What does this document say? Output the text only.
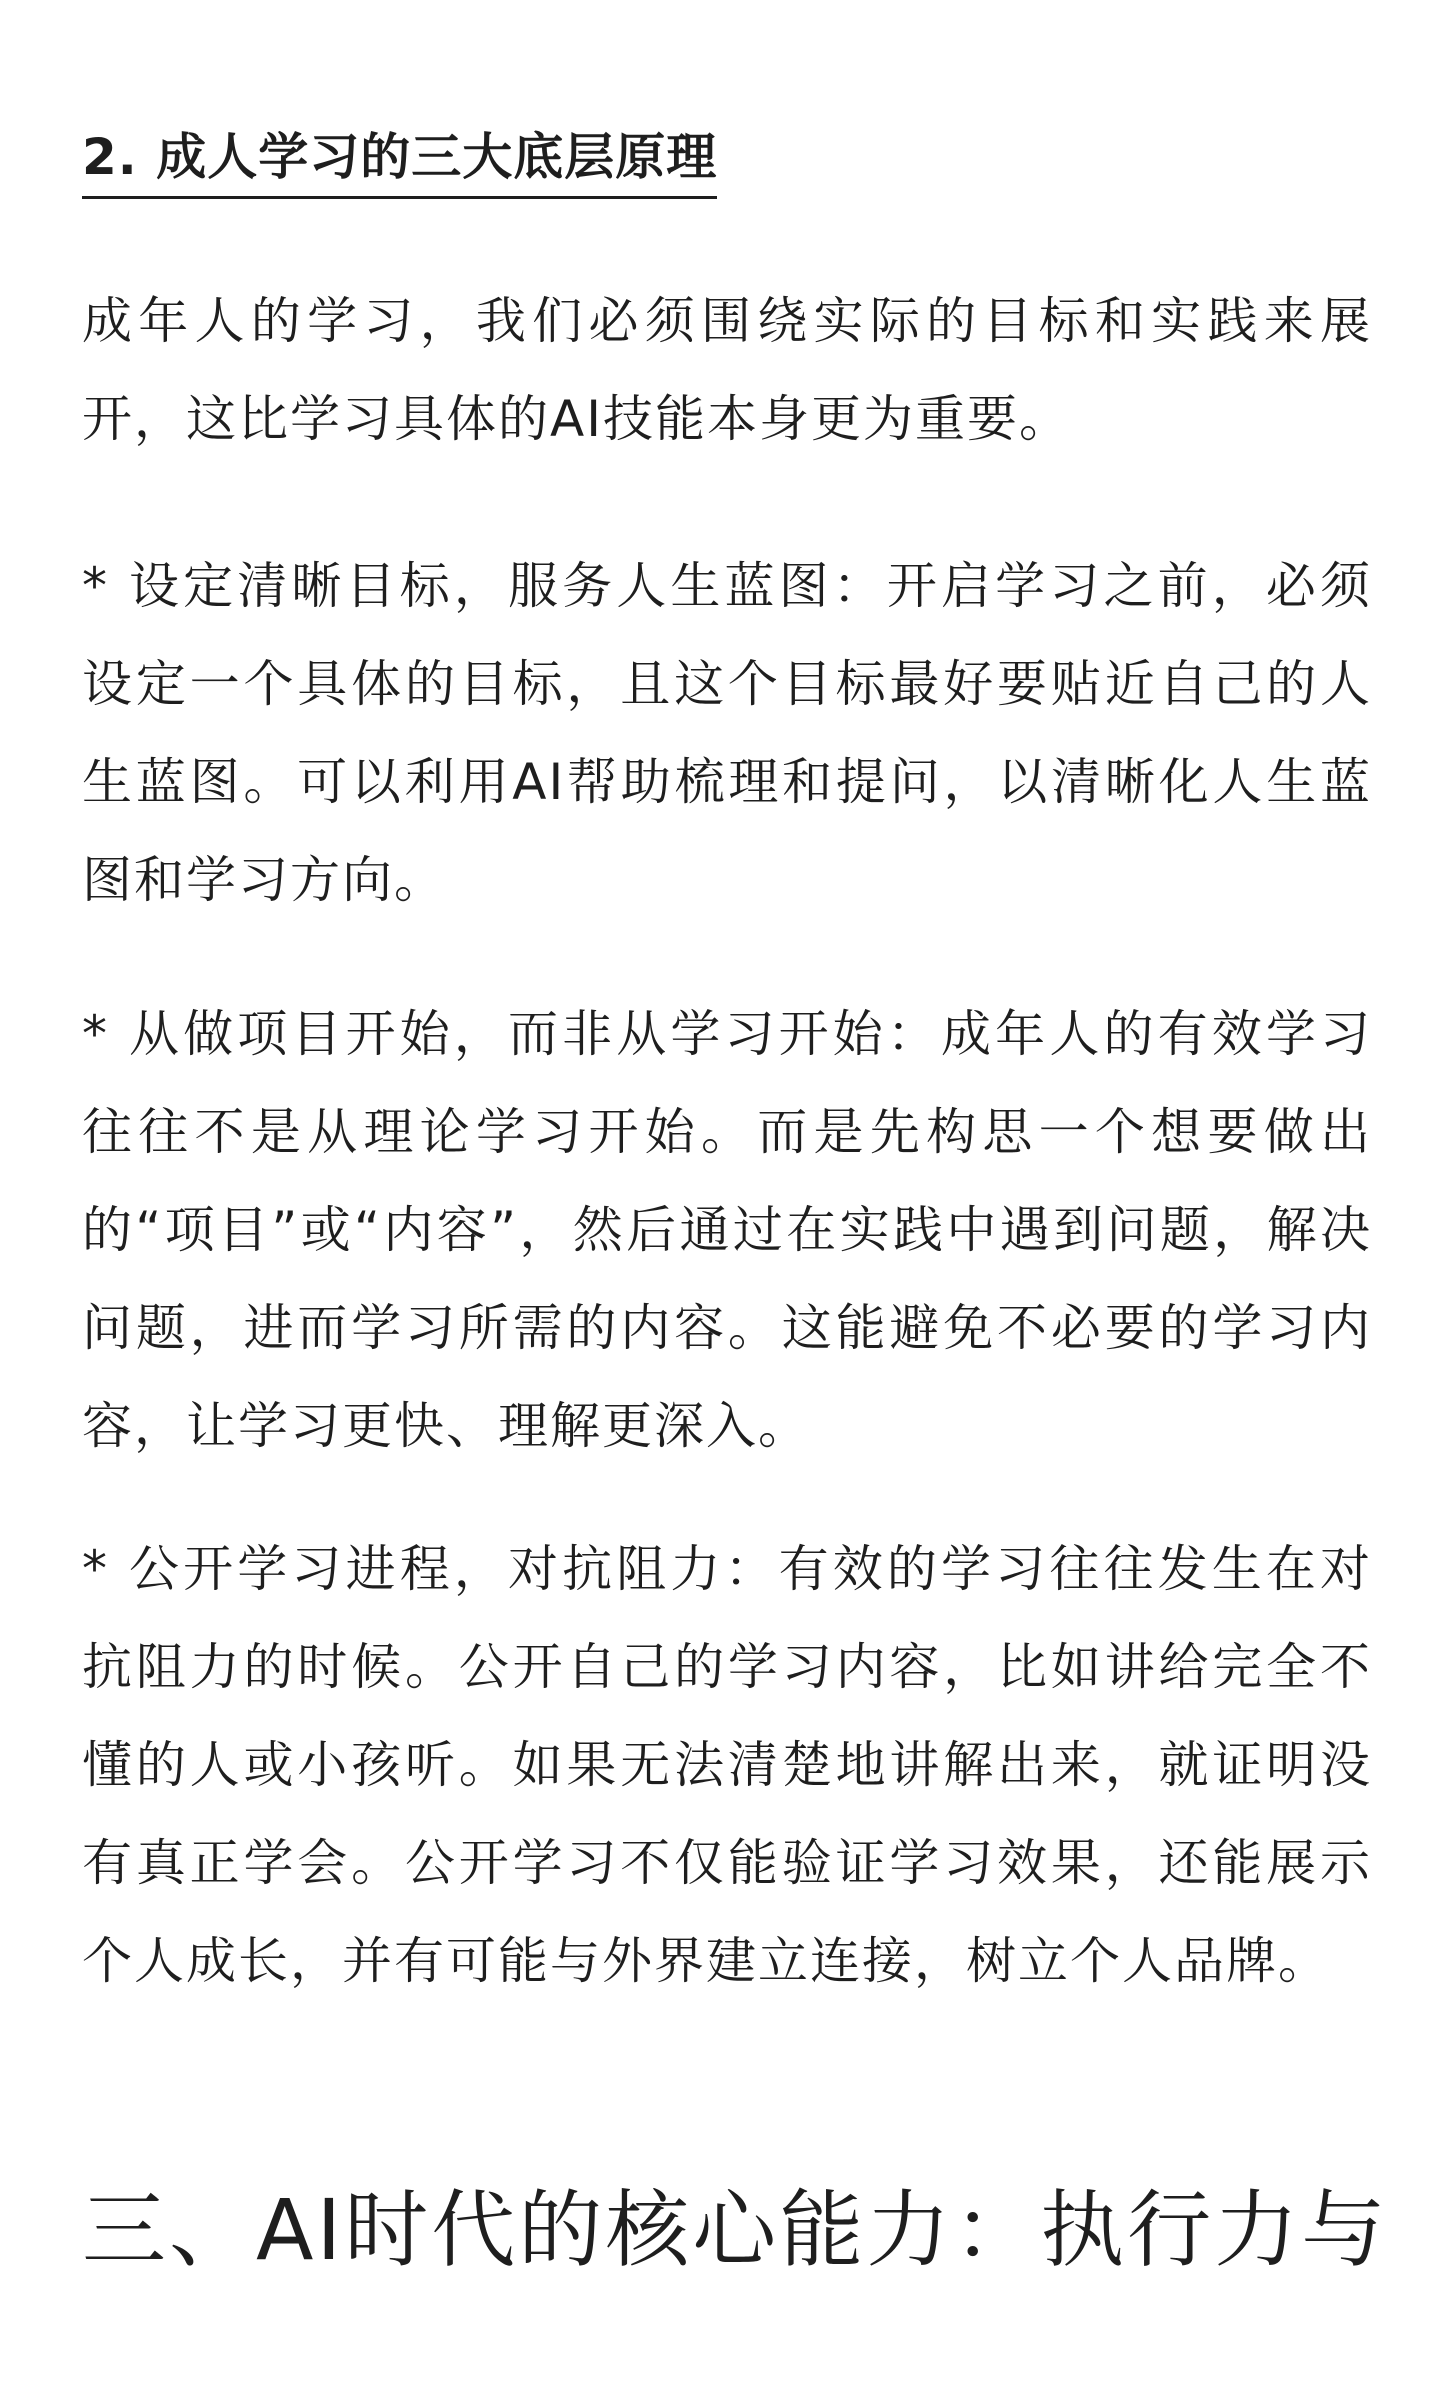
2. 成人学习的三大底层原理

成年人的学习，我们必须围绕实际的目标和实践来展开，这比学习具体的AI技能本身更为重要。

* 设定清晰目标，服务人生蓝图：开启学习之前，必须设定一个具体的目标，且这个目标最好要贴近自己的人生蓝图。可以利用AI帮助梳理和提问，以清晰化人生蓝图和学习方向。

* 从做项目开始，而非从学习开始：成年人的有效学习往往不是从理论学习开始。而是先构思一个想要做出的“项目”或“内容”，然后通过在实践中遇到问题，解决问题，进而学习所需的内容。这能避免不必要的学习内容，让学习更快、理解更深入。

* 公开学习进程，对抗阻力：有效的学习往往发生在对抗阻力的时候。公开自己的学习内容，比如讲给完全不懂的人或小孩听。如果无法清楚地讲解出来，就证明没有真正学会。公开学习不仅能验证学习效果，还能展示个人成长，并有可能与外界建立连接，树立个人品牌。

三、AI时代的核心能力：执行力与
